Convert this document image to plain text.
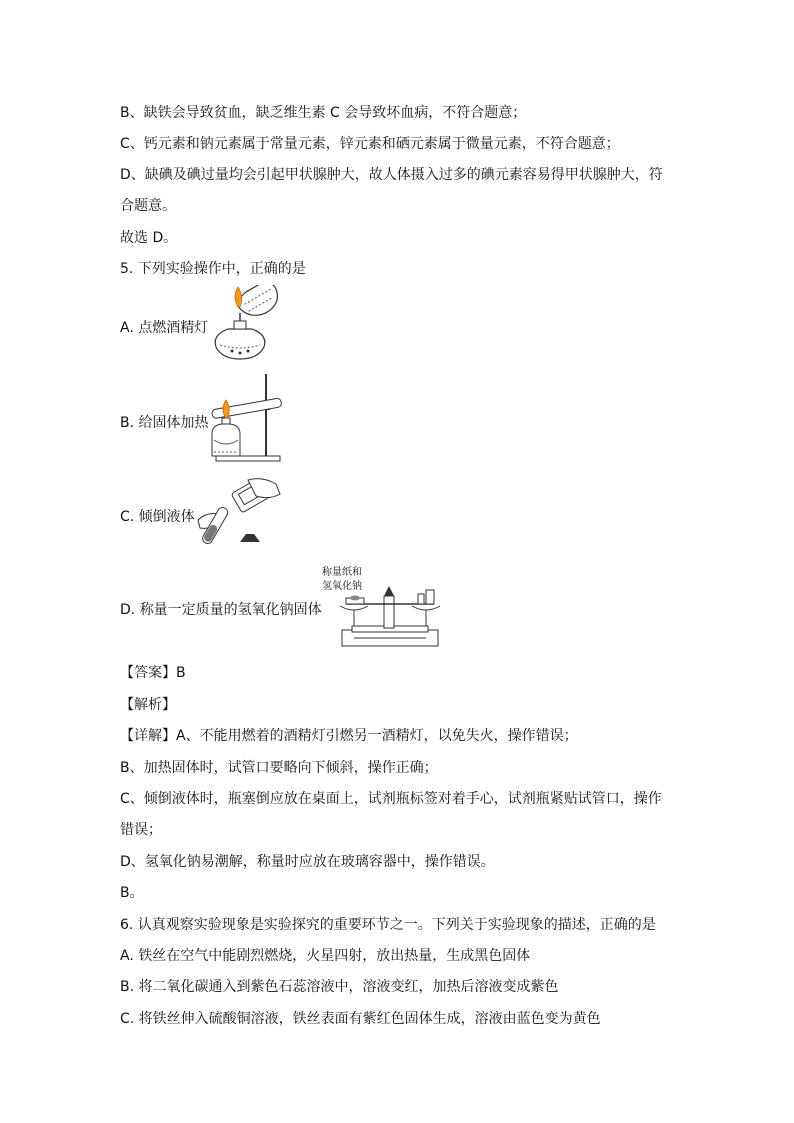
B、缺铁会导致贫血，缺乏维生素 C 会导致坏血病，不符合题意；
C、钙元素和钠元素属于常量元素，锌元素和硒元素属于微量元素，不符合题意；
D、缺碘及碘过量均会引起甲状腺肿大，故人体摄入过多的碘元素容易得甲状腺肿大，符
合题意。
故选 D。
5. 下列实验操作中，正确的是
A. 点燃酒精灯
B. 给固体加热
C. 倾倒液体
D. 称量一定质量的氢氧化钠固体
称量纸和
氢氧化钠
【答案】B
【解析】
【详解】A、不能用燃着的酒精灯引燃另一酒精灯，以免失火，操作错误；
B、加热固体时，试管口要略向下倾斜，操作正确；
C、倾倒液体时，瓶塞倒应放在桌面上，试剂瓶标签对着手心，试剂瓶紧贴试管口，操作
错误；
D、氢氧化钠易潮解，称量时应放在玻璃容器中，操作错误。
B。
6. 认真观察实验现象是实验探究的重要环节之一。下列关于实验现象的描述，正确的是
A. 铁丝在空气中能剧烈燃烧，火星四射，放出热量，生成黑色固体
B. 将二氧化碳通入到紫色石蕊溶液中，溶液变红，加热后溶液变成紫色
C. 将铁丝伸入硫酸铜溶液，铁丝表面有紫红色固体生成，溶液由蓝色变为黄色
